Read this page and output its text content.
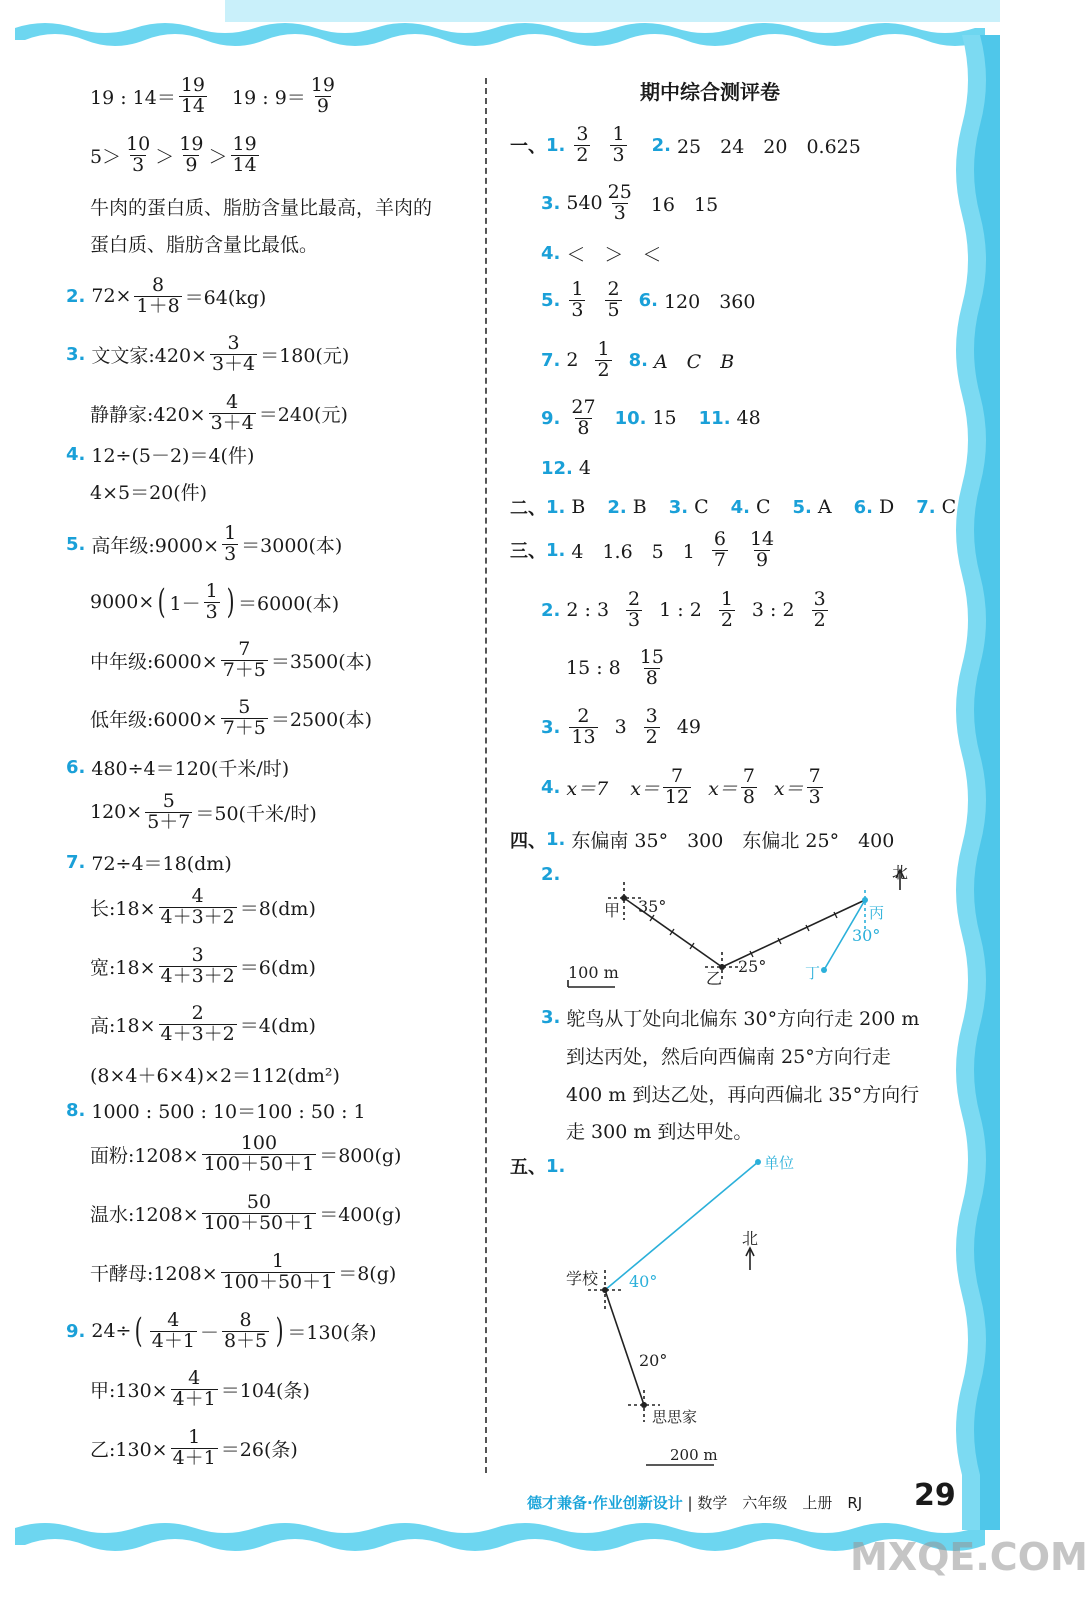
19 : 14＝
19
14 19 : 9＝
19
9
5＞
10
3 ＞
19
9 ＞
19
14
牛肉的蛋白质、脂肪含量比最高，羊肉的
蛋白质、脂肪含量比最低。
2. $72\times \frac{8}{1+8} =64(kg)$
3. 文文家:420× $\frac{3}{3+4} =180$(元)
静静家:420× $\frac{4}{3+4} =240$(元)
4. 12÷(5－2)＝4(件)
4×5＝20(件)
5. 高年级:9000× $\frac{1}{3} =3000$(本)
9000× ( 1－
1
3 ) ＝6000(本)
中年级:6000× $\frac{7}{7+5} =3500$(本)
低年级:6000× $\frac{5}{7+5} =2500$(本)
6. 480÷4＝120(千米/时)
$120\times \frac{5}{5+7} =50$(千米/时)
7. 72÷4＝18(dm)
长:18× $\frac{4}{4+3+2} =8(dm)$
宽:18× $\frac{3}{4+3+2} =6(dm)$
高:18× $\frac{2}{4+3+2} =4(dm)$
(8×4＋6×4)×2＝112(dm²)
8. 1000 : 500 : 10＝100 : 50 : 1
面粉:1208× $\frac{100}{100+50+1} =800(g)$
温水:1208× $\frac{50}{100+50+1} =400(g)$
干酵母:1208× $\frac{1}{100+50+1} =8(g)$
9. 24÷ ( 4
4＋1 －
8
8＋5 ) ＝130(条)
甲:130× $\frac{4}{4+1} =104$(条)
乙:130× $\frac{1}{4+1} =26$(条)
期中综合测评卷
一、 1.
3
2
1
3 2. 25　24　20　0.625
3. 540
25
3 16　15
4. ＜　＞　＜
5.
1
3
2
5 6. 120　360
7. 2
1
2 8. A　C　B
9.
27
8 10. 15 11. 48
12. 4
二、 1. B 2. B 3. C 4. C 5. A 6. D 7. C
三、 1. 4　1.6　5　1
6
7
14
9
2. 2 : 3
2
3 1 : 2
1
2 3 : 2
3
2
15 : 8
15
8
3.
2
13 3
3
2 49
4. x＝7 x＝
7
12 x＝
7
8 x＝
7
3
四、 1. 东偏南 35°　300　东偏北 25°　400
2.
3. 鸵鸟从丁处向北偏东 30°方向行走 200 m
到达丙处，然后向西偏南 25°方向行走
400 m 到达乙处，再向西偏北 35°方向行
走 300 m 到达甲处。
五、 1.
北
甲 35°
乙
25°
丙
30°
丁
100 m
北
学校 40°
单位
20°
思思家
200 m
德才兼备·作业创新设计 | 数学　六年级　上册　RJ 29
MXQE.COM
